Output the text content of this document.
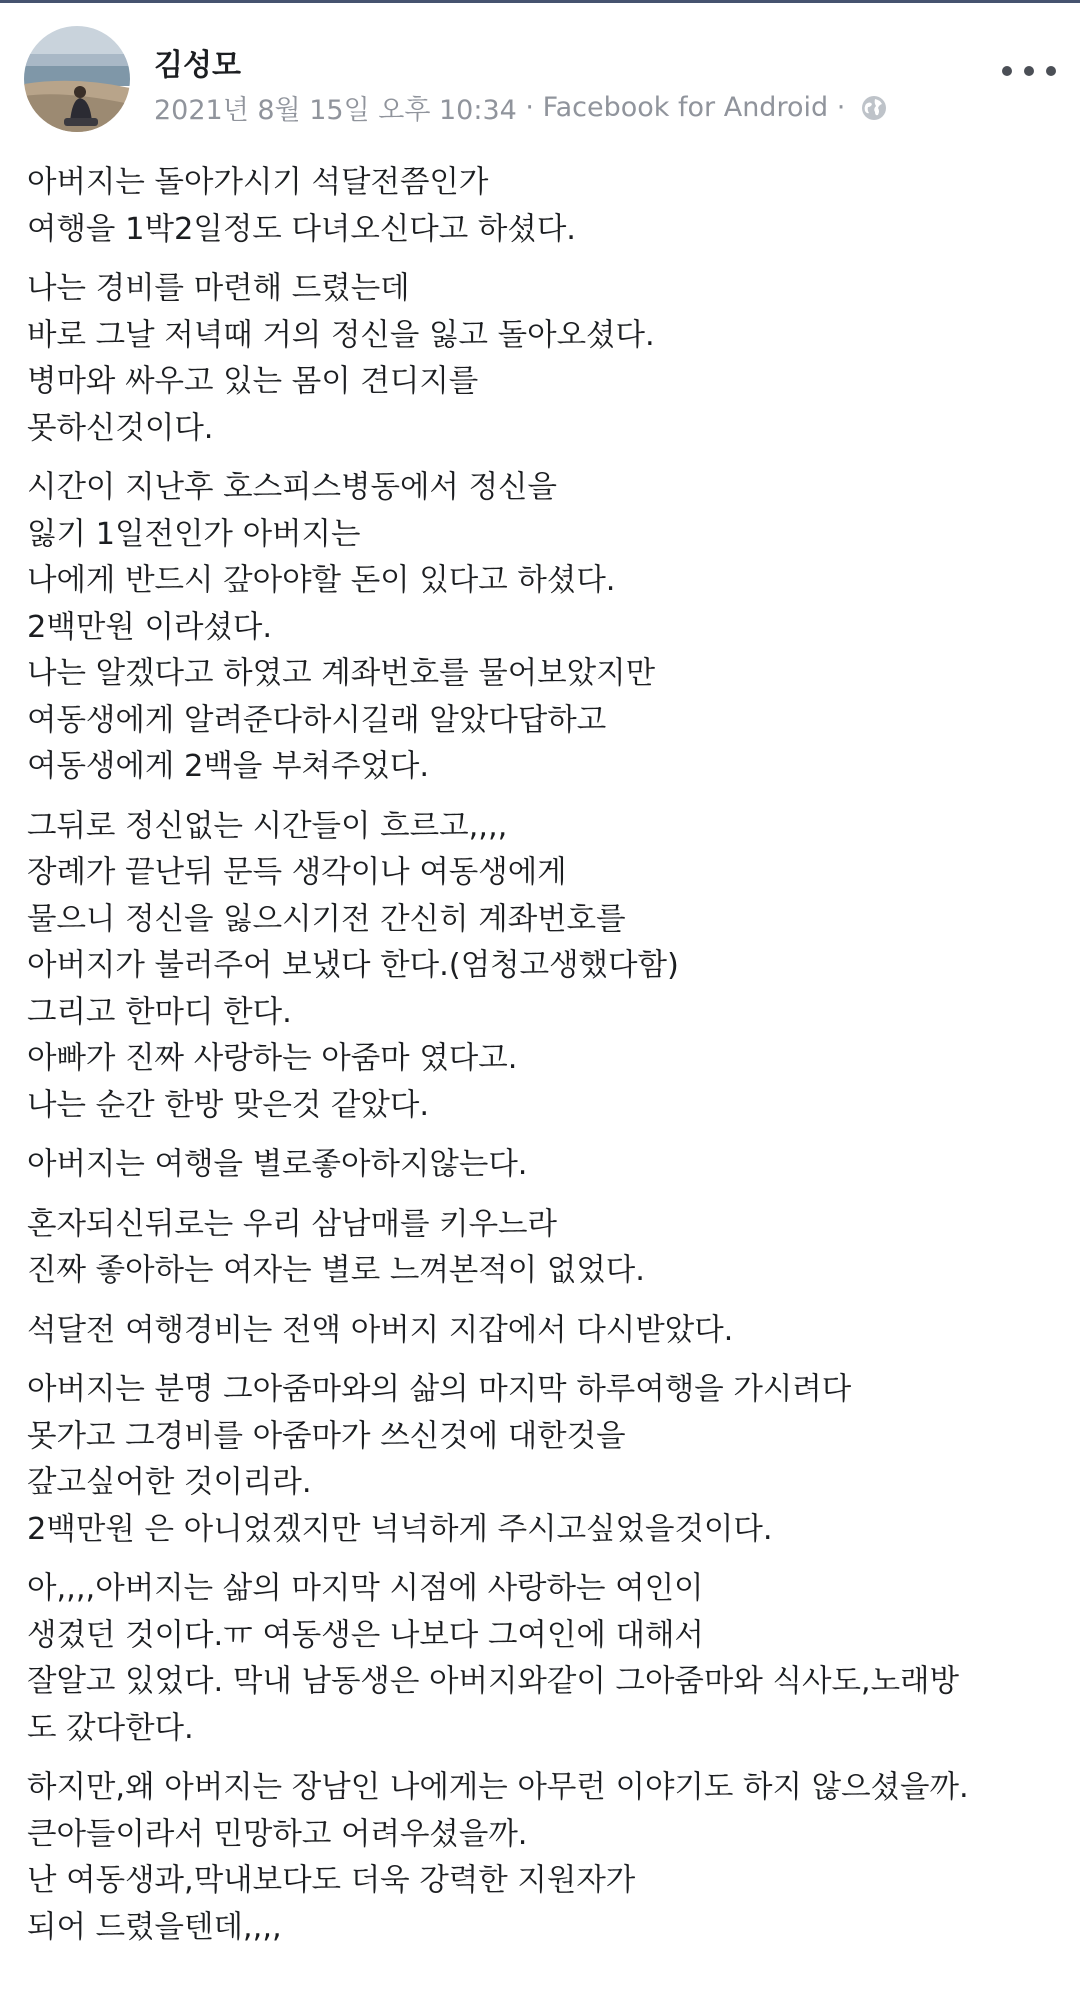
김성모
2021년 8월 15일 오후 10:34 · Facebook for Android ·

아버지는 돌아가시기 석달전쯤인가
여행을 1박2일정도 다녀오신다고 하셨다.

나는 경비를 마련해 드렸는데
바로 그날 저녁때 거의 정신을 잃고 돌아오셨다.
병마와 싸우고 있는 몸이 견디지를
못하신것이다.

시간이 지난후 호스피스병동에서 정신을
잃기 1일전인가 아버지는
나에게 반드시 갚아야할 돈이 있다고 하셨다.
2백만원 이라셨다.
나는 알겠다고 하였고 계좌번호를 물어보았지만
여동생에게 알려준다하시길래 알았다답하고
여동생에게 2백을 부쳐주었다.

그뒤로 정신없는 시간들이 흐르고,,,,
장례가 끝난뒤 문득 생각이나 여동생에게
물으니 정신을 잃으시기전 간신히 계좌번호를
아버지가 불러주어 보냈다 한다.(엄청고생했다함)
그리고 한마디 한다.
아빠가 진짜 사랑하는 아줌마 였다고.
나는 순간 한방 맞은것 같았다.

아버지는 여행을 별로좋아하지않는다.

혼자되신뒤로는 우리 삼남매를 키우느라
진짜 좋아하는 여자는 별로 느껴본적이 없었다.

석달전 여행경비는 전액 아버지 지갑에서 다시받았다.

아버지는 분명 그아줌마와의 삶의 마지막 하루여행을 가시려다
못가고 그경비를 아줌마가 쓰신것에 대한것을
갚고싶어한 것이리라.
2백만원 은 아니었겠지만 넉넉하게 주시고싶었을것이다.

아,,,,아버지는 삶의 마지막 시점에 사랑하는 여인이
생겼던 것이다.ㅠ 여동생은 나보다 그여인에 대해서
잘알고 있었다. 막내 남동생은 아버지와같이 그아줌마와 식사도,노래방
도 갔다한다.

하지만,왜 아버지는 장남인 나에게는 아무런 이야기도 하지 않으셨을까.
큰아들이라서 민망하고 어려우셨을까.
난 여동생과,막내보다도 더욱 강력한 지원자가
되어 드렸을텐데,,,,
